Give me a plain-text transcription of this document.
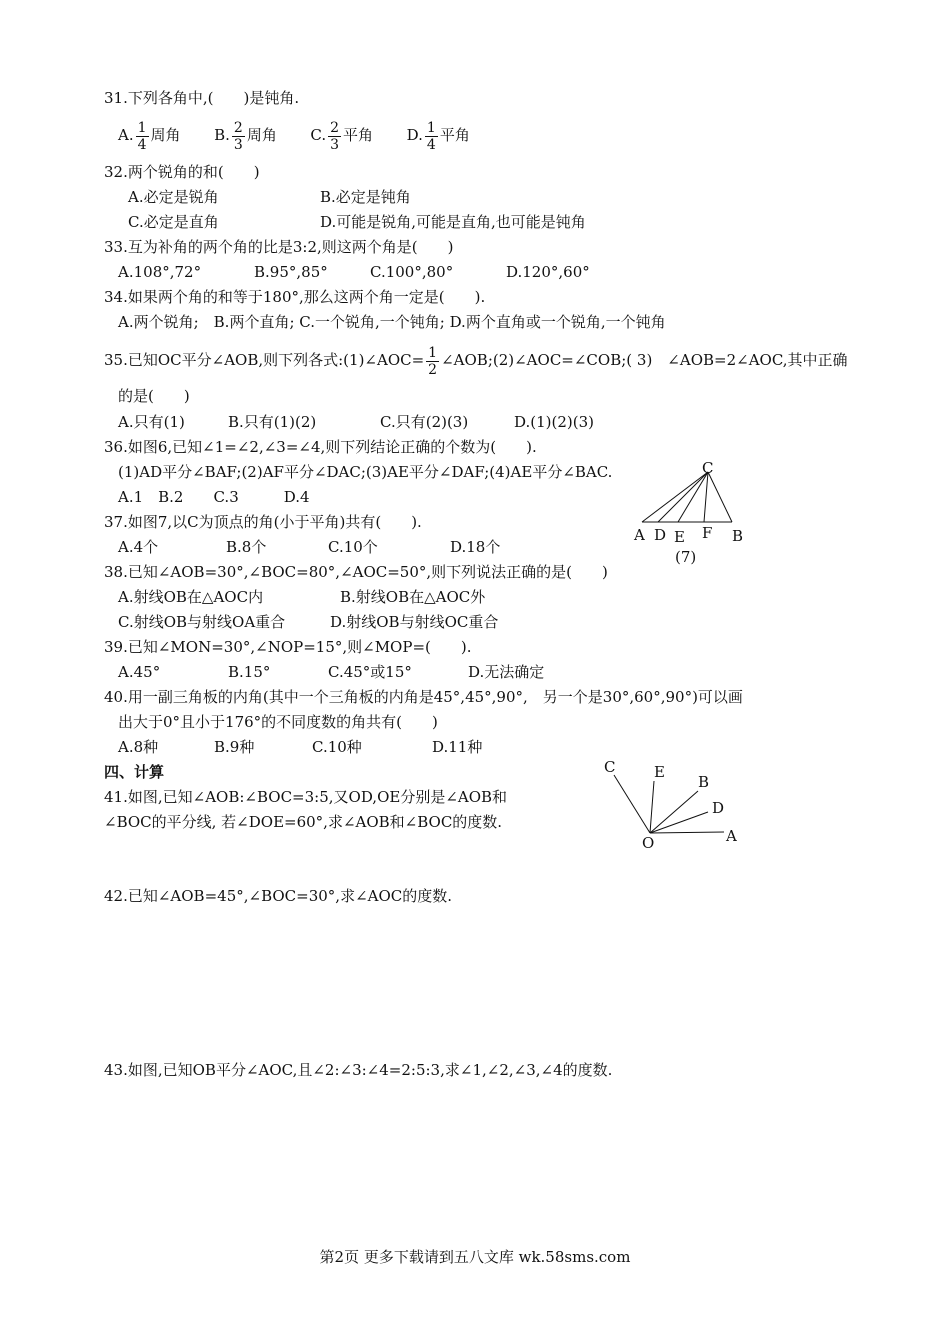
31.下列各角中,(　　)是钝角.
A. $\frac{1}{4}$ 周角 B. $\frac{2}{3}$ 周角 C. $\frac{2}{3}$ 平角 D. $\frac{1}{4}$ 平角
32.两个锐角的和(　　)
A.必定是锐角	B.必定是钝角
C.必定是直角	D.可能是锐角,可能是直角,也可能是钝角
33.互为补角的两个角的比是3:2,则这两个角是(　　)
A.108°,72°	B.95°,85°	C.100°,80°	D.120°,60°
34.如果两个角的和等于180°,那么这两个角一定是(　　).
A.两个锐角;　B.两个直角; C.一个锐角,一个钝角; D.两个直角或一个锐角,一个钝角
35.已知OC平分∠AOB,则下列各式:(1)∠AOC= $\frac{1}{2}$ ∠AOB;(2)∠AOC=∠COB;( 3)　∠AOB=2∠AOC,其中正确
的是(　　)
A.只有(1)	B.只有(1)(2)	C.只有(2)(3)	D.(1)(2)(3)
36.如图6,已知∠1=∠2,∠3=∠4,则下列结论正确的个数为(　　).
(1)AD平分∠BAF;(2)AF平分∠DAC;(3)AE平分∠DAF;(4)AE平分∠BAC.
A.1　B.2　　C.3　　　D.4
37.如图7,以C为顶点的角(小于平角)共有(　　).
A.4个	B.8个	C.10个	D.18个
C
A D E F B
(7)
38.已知∠AOB=30°,∠BOC=80°,∠AOC=50°,则下列说法正确的是(　　)
A.射线OB在△AOC内	B.射线OB在△AOC外
C.射线OB与射线OA重合	D.射线OB与射线OC重合
39.已知∠MON=30°,∠NOP=15°,则∠MOP=(　　).
A.45°	B.15°	C.45°或15°	D.无法确定
40.用一副三角板的内角(其中一个三角板的内角是45°,45°,90°,　另一个是30°,60°,90°)可以画
出大于0°且小于176°的不同度数的角共有(　　)
A.8种	B.9种	C.10种	D.11种
四、计算
41.如图,已知∠AOB:∠BOC=3:5,又OD,OE分别是∠AOB和
∠BOC的平分线, 若∠DOE=60°,求∠AOB和∠BOC的度数.
C	E
B
D
A
O
42.已知∠AOB=45°,∠BOC=30°,求∠AOC的度数.
43.如图,已知OB平分∠AOC,且∠2:∠3:∠4=2:5:3,求∠1,∠2,∠3,∠4的度数.
第2页 更多下载请到五八文库 wk.58sms.com
